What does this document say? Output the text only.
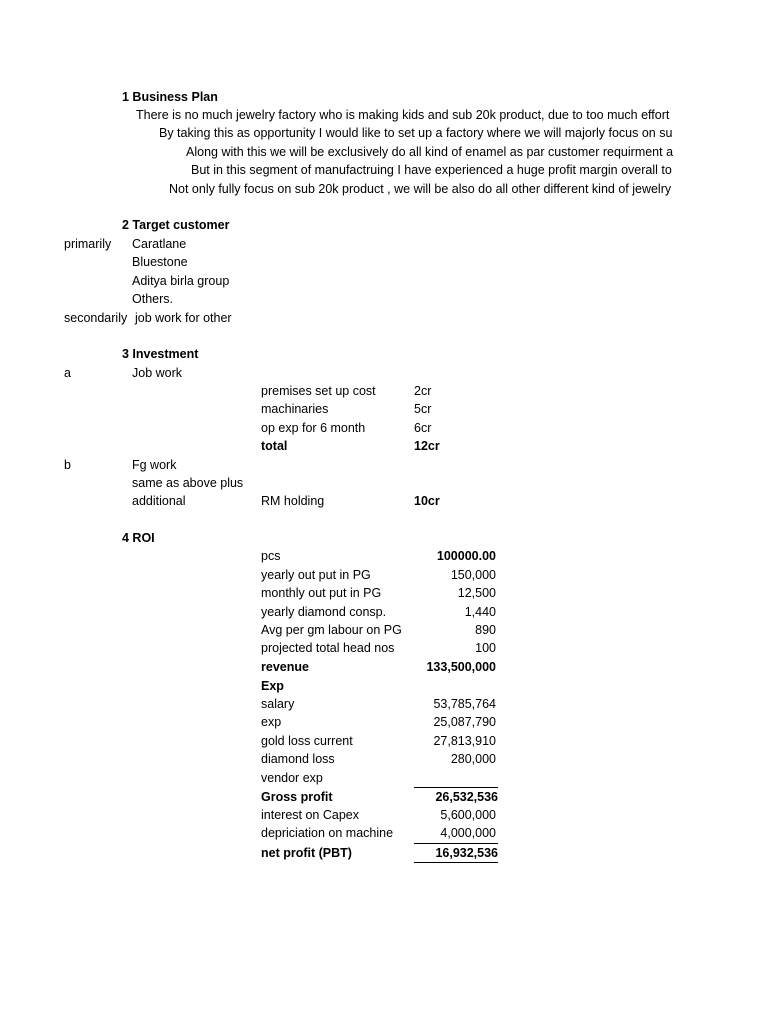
1 Business Plan
There is no much jewelry factory who is making kids and sub 20k product, due to too much effort
By taking this as opportunity I would like to set up a factory where we will majorly focus on su
Along with this we will be exclusively do all kind of enamel as par customer requirment a
But in this segment of manufactruing I have experienced a huge profit margin overall to
Not only fully focus on sub 20k product , we will be also do all other different kind of jewelry
2 Target customer
primarily Caratlane
Bluestone
Aditya birla group
Others.
secondarily job work for other
3 Investment
a	Job work
premises set up cost	2cr
machinaries	5cr
op exp for 6 month	6cr
total	12cr
b	Fg work
same as above plus
additional	RM holding	10cr
4 ROI
pcs	100000.00
yearly out put in PG	150,000
monthly out put in PG	12,500
yearly diamond consp.	1,440
Avg per gm labour on PG	890
projected total head nos	100
revenue	133,500,000
Exp
salary	53,785,764
exp	25,087,790
gold loss current	27,813,910
diamond loss	280,000
vendor exp
Gross profit	26,532,536
interest on Capex	5,600,000
depriciation on machine	4,000,000
net profit (PBT)	16,932,536
